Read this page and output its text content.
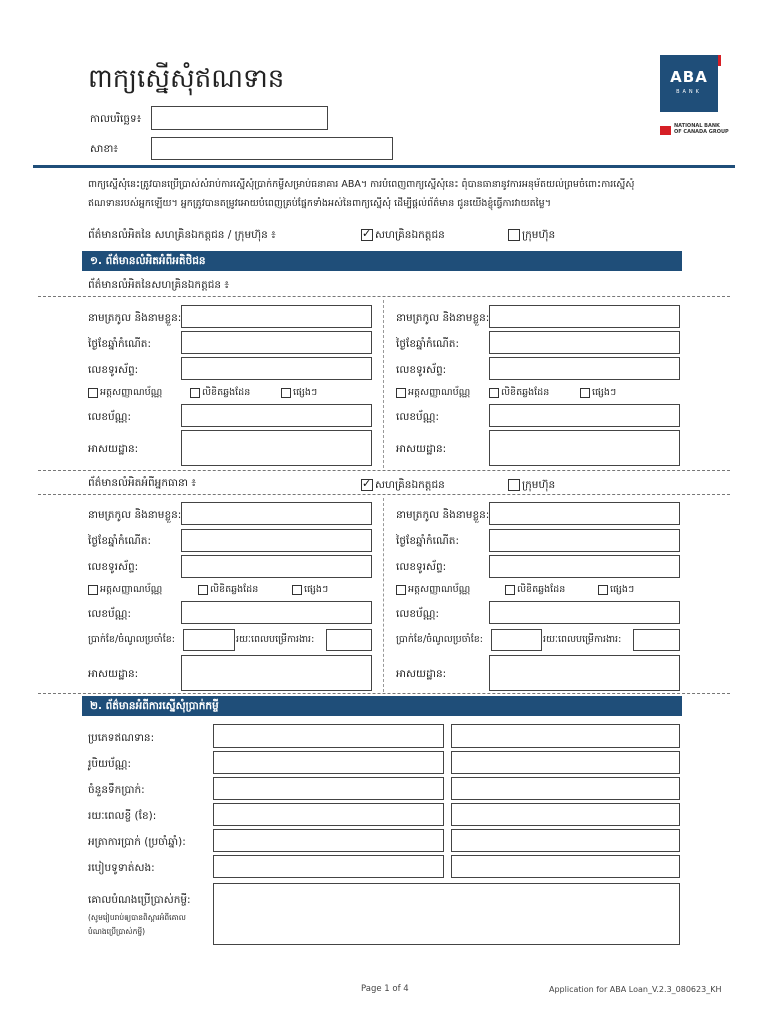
ពាក្យស្នើសុំឥណទាន
កាលបរិច្ឆេទ៖
សាខា៖
ABA
BANK
NATIONAL BANK
OF CANADA GROUP
ពាក្យស្នើសុំនេះត្រូវបានប្រើប្រាស់សំរាប់ការស្នើសុំប្រាក់កម្ចីសម្រាប់ធនាគារ ABA។ ការបំពេញពាក្យស្នើសុំនេះ ពុំបានធានានូវការអនុម័តយល់ព្រមចំពោះការស្នើសុំ
ឥណទានរបស់អ្នកឡើយ។ អ្នកត្រូវបានតម្រូវអោយបំពេញគ្រប់ផ្នែកទាំងអស់នៃពាក្យស្នើសុំ ដើម្បីផ្តល់ព័ត៌មាន ជូនយើងខ្ញុំធ្វើការវាយតម្លៃ។
ព័ត៌មានលំអិតនៃ សហគ្រិនឯកត្តជន / ក្រុមហ៊ុន ៖ ✓	សហគ្រិនឯកត្តជន	ក្រុមហ៊ុន
១. ព័ត៌មានលំអិតអំពីអតិថិជន
ព័ត៌មានលំអិតនៃសហគ្រិនឯកត្តជន ៖
នាមត្រកូល និងនាមខ្លួន:
ថ្ងៃខែឆ្នាំកំណើត:
លេខទូរស័ព្ទ:
អត្តសញ្ញាណប័ណ្ណ	លិខិតឆ្លងដែន	ផ្សេងៗ
លេខប័ណ្ណ:
អាសយដ្ឋាន:
នាមត្រកូល និងនាមខ្លួន:
ថ្ងៃខែឆ្នាំកំណើត:
លេខទូរស័ព្ទ:
អត្តសញ្ញាណប័ណ្ណ	លិខិតឆ្លងដែន	ផ្សេងៗ
លេខប័ណ្ណ:
អាសយដ្ឋាន:
ព័ត៌មានលំអិតអំពីអ្នកធានា ៖ ✓	សហគ្រិនឯកត្តជន	ក្រុមហ៊ុន
នាមត្រកូល និងនាមខ្លួន:
ថ្ងៃខែឆ្នាំកំណើត:
លេខទូរស័ព្ទ:
អត្តសញ្ញាណប័ណ្ណ	លិខិតឆ្លងដែន	ផ្សេងៗ
លេខប័ណ្ណ:
ប្រាក់ខែ/ចំណូលប្រចាំខែ:	រយៈពេលបម្រើការងារ:
អាសយដ្ឋាន:
នាមត្រកូល និងនាមខ្លួន:
ថ្ងៃខែឆ្នាំកំណើត:
លេខទូរស័ព្ទ:
អត្តសញ្ញាណប័ណ្ណ	លិខិតឆ្លងដែន	ផ្សេងៗ
លេខប័ណ្ណ:
ប្រាក់ខែ/ចំណូលប្រចាំខែ:	រយៈពេលបម្រើការងារ:
អាសយដ្ឋាន:
២. ព័ត៌មានអំពីការស្នើសុំប្រាក់កម្ចី
ប្រភេទឥណទាន:
រូបិយប័ណ្ណ:
ចំនួនទឹកប្រាក់:
រយៈពេលខ្ចី (ខែ):
អត្រាការប្រាក់ (ប្រចាំឆ្នាំ):
របៀបទូទាត់សង:
គោលបំណងប្រើប្រាស់កម្ចី:
(សូមរៀបរាប់ឲ្យបានពិស្តារអំពីគោល
បំណងប្រើប្រាស់កម្ចី)
Page 1 of 4	Application for ABA Loan_V.2.3_080623_KH
